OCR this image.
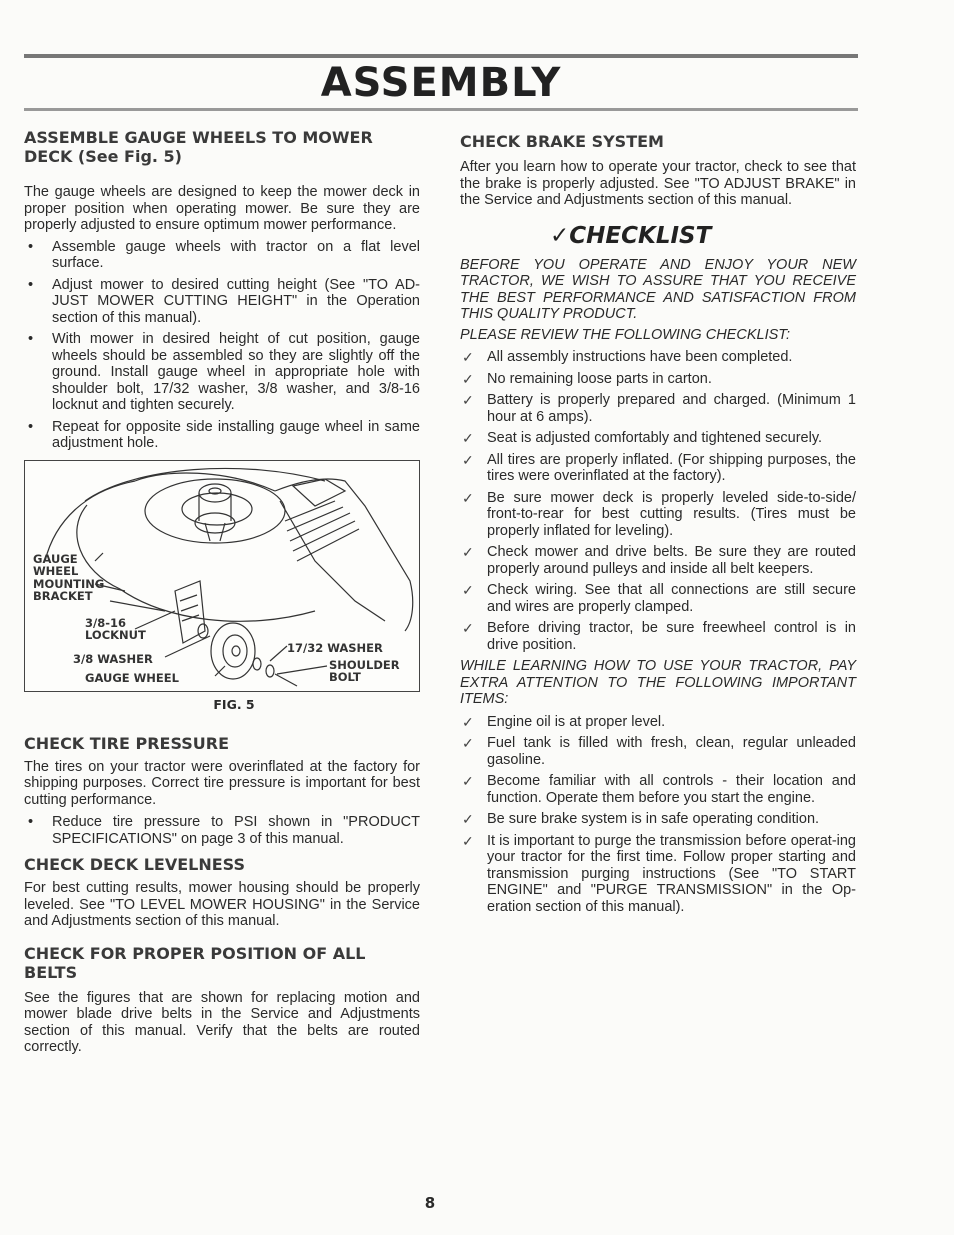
ASSEMBLY
ASSEMBLE GAUGE WHEELS TO MOWER DECK (See Fig. 5)

The gauge wheels are designed to keep the mower deck in proper position when operating mower. Be sure they are properly adjusted to ensure optimum mower performance.

• Assemble gauge wheels with tractor on a flat level surface.
• Adjust mower to desired cutting height (See "TO AD-JUST MOWER CUTTING HEIGHT" in the Operation section of this manual).
• With mower in desired height of cut position, gauge wheels should be assembled so they are slightly off the ground. Install gauge wheel in appropriate hole with shoulder bolt, 17/32 washer, 3/8 washer, and 3/8-16 locknut and tighten securely.
• Repeat for opposite side installing gauge wheel in same adjustment hole.
GAUGE
WHEEL
MOUNTING
BRACKET
3/8-16
LOCKNUT
3/8 WASHER
GAUGE WHEEL
17/32 WASHER
SHOULDER
BOLT
FIG. 5
CHECK TIRE PRESSURE

The tires on your tractor were overinflated at the factory for shipping purposes. Correct tire pressure is important for best cutting performance.

• Reduce tire pressure to PSI shown in "PRODUCT SPECIFICATIONS" on page 3 of this manual.
CHECK DECK LEVELNESS

For best cutting results, mower housing should be properly leveled. See "TO LEVEL MOWER HOUSING" in the Service and Adjustments section of this manual.

CHECK FOR PROPER POSITION OF ALL BELTS

See the figures that are shown for replacing motion and mower blade drive belts in the Service and Adjustments section of this manual. Verify that the belts are routed correctly.

CHECK BRAKE SYSTEM

After you learn how to operate your tractor, check to see that the brake is properly adjusted. See "TO ADJUST BRAKE" in the Service and Adjustments section of this manual.

✓CHECKLIST

BEFORE YOU OPERATE AND ENJOY YOUR NEW TRACTOR, WE WISH TO ASSURE THAT YOU RECEIVE THE BEST PERFORMANCE AND SATISFACTION FROM THIS QUALITY PRODUCT.

PLEASE REVIEW THE FOLLOWING CHECKLIST:

✓ All assembly instructions have been completed.
✓ No remaining loose parts in carton.
✓ Battery is properly prepared and charged. (Minimum 1 hour at 6 amps).
✓ Seat is adjusted comfortably and tightened securely.
✓ All tires are properly inflated. (For shipping purposes, the tires were overinflated at the factory).
✓ Be sure mower deck is properly leveled side-to-side/ front-to-rear for best cutting results. (Tires must be properly inflated for leveling).
✓ Check mower and drive belts. Be sure they are routed properly around pulleys and inside all belt keepers.
✓ Check wiring. See that all connections are still secure and wires are properly clamped.
✓ Before driving tractor, be sure freewheel control is in drive position.

WHILE LEARNING HOW TO USE YOUR TRACTOR, PAY EXTRA ATTENTION TO THE FOLLOWING IMPORTANT ITEMS:

✓ Engine oil is at proper level.
✓ Fuel tank is filled with fresh, clean, regular unleaded gasoline.
✓ Become familiar with all controls - their location and function. Operate them before you start the engine.
✓ Be sure brake system is in safe operating condition.
✓ It is important to purge the transmission before operat-ing your tractor for the first time. Follow proper starting and transmission purging instructions (See "TO START ENGINE" and "PURGE TRANSMISSION" in the Op-eration section of this manual).
8
